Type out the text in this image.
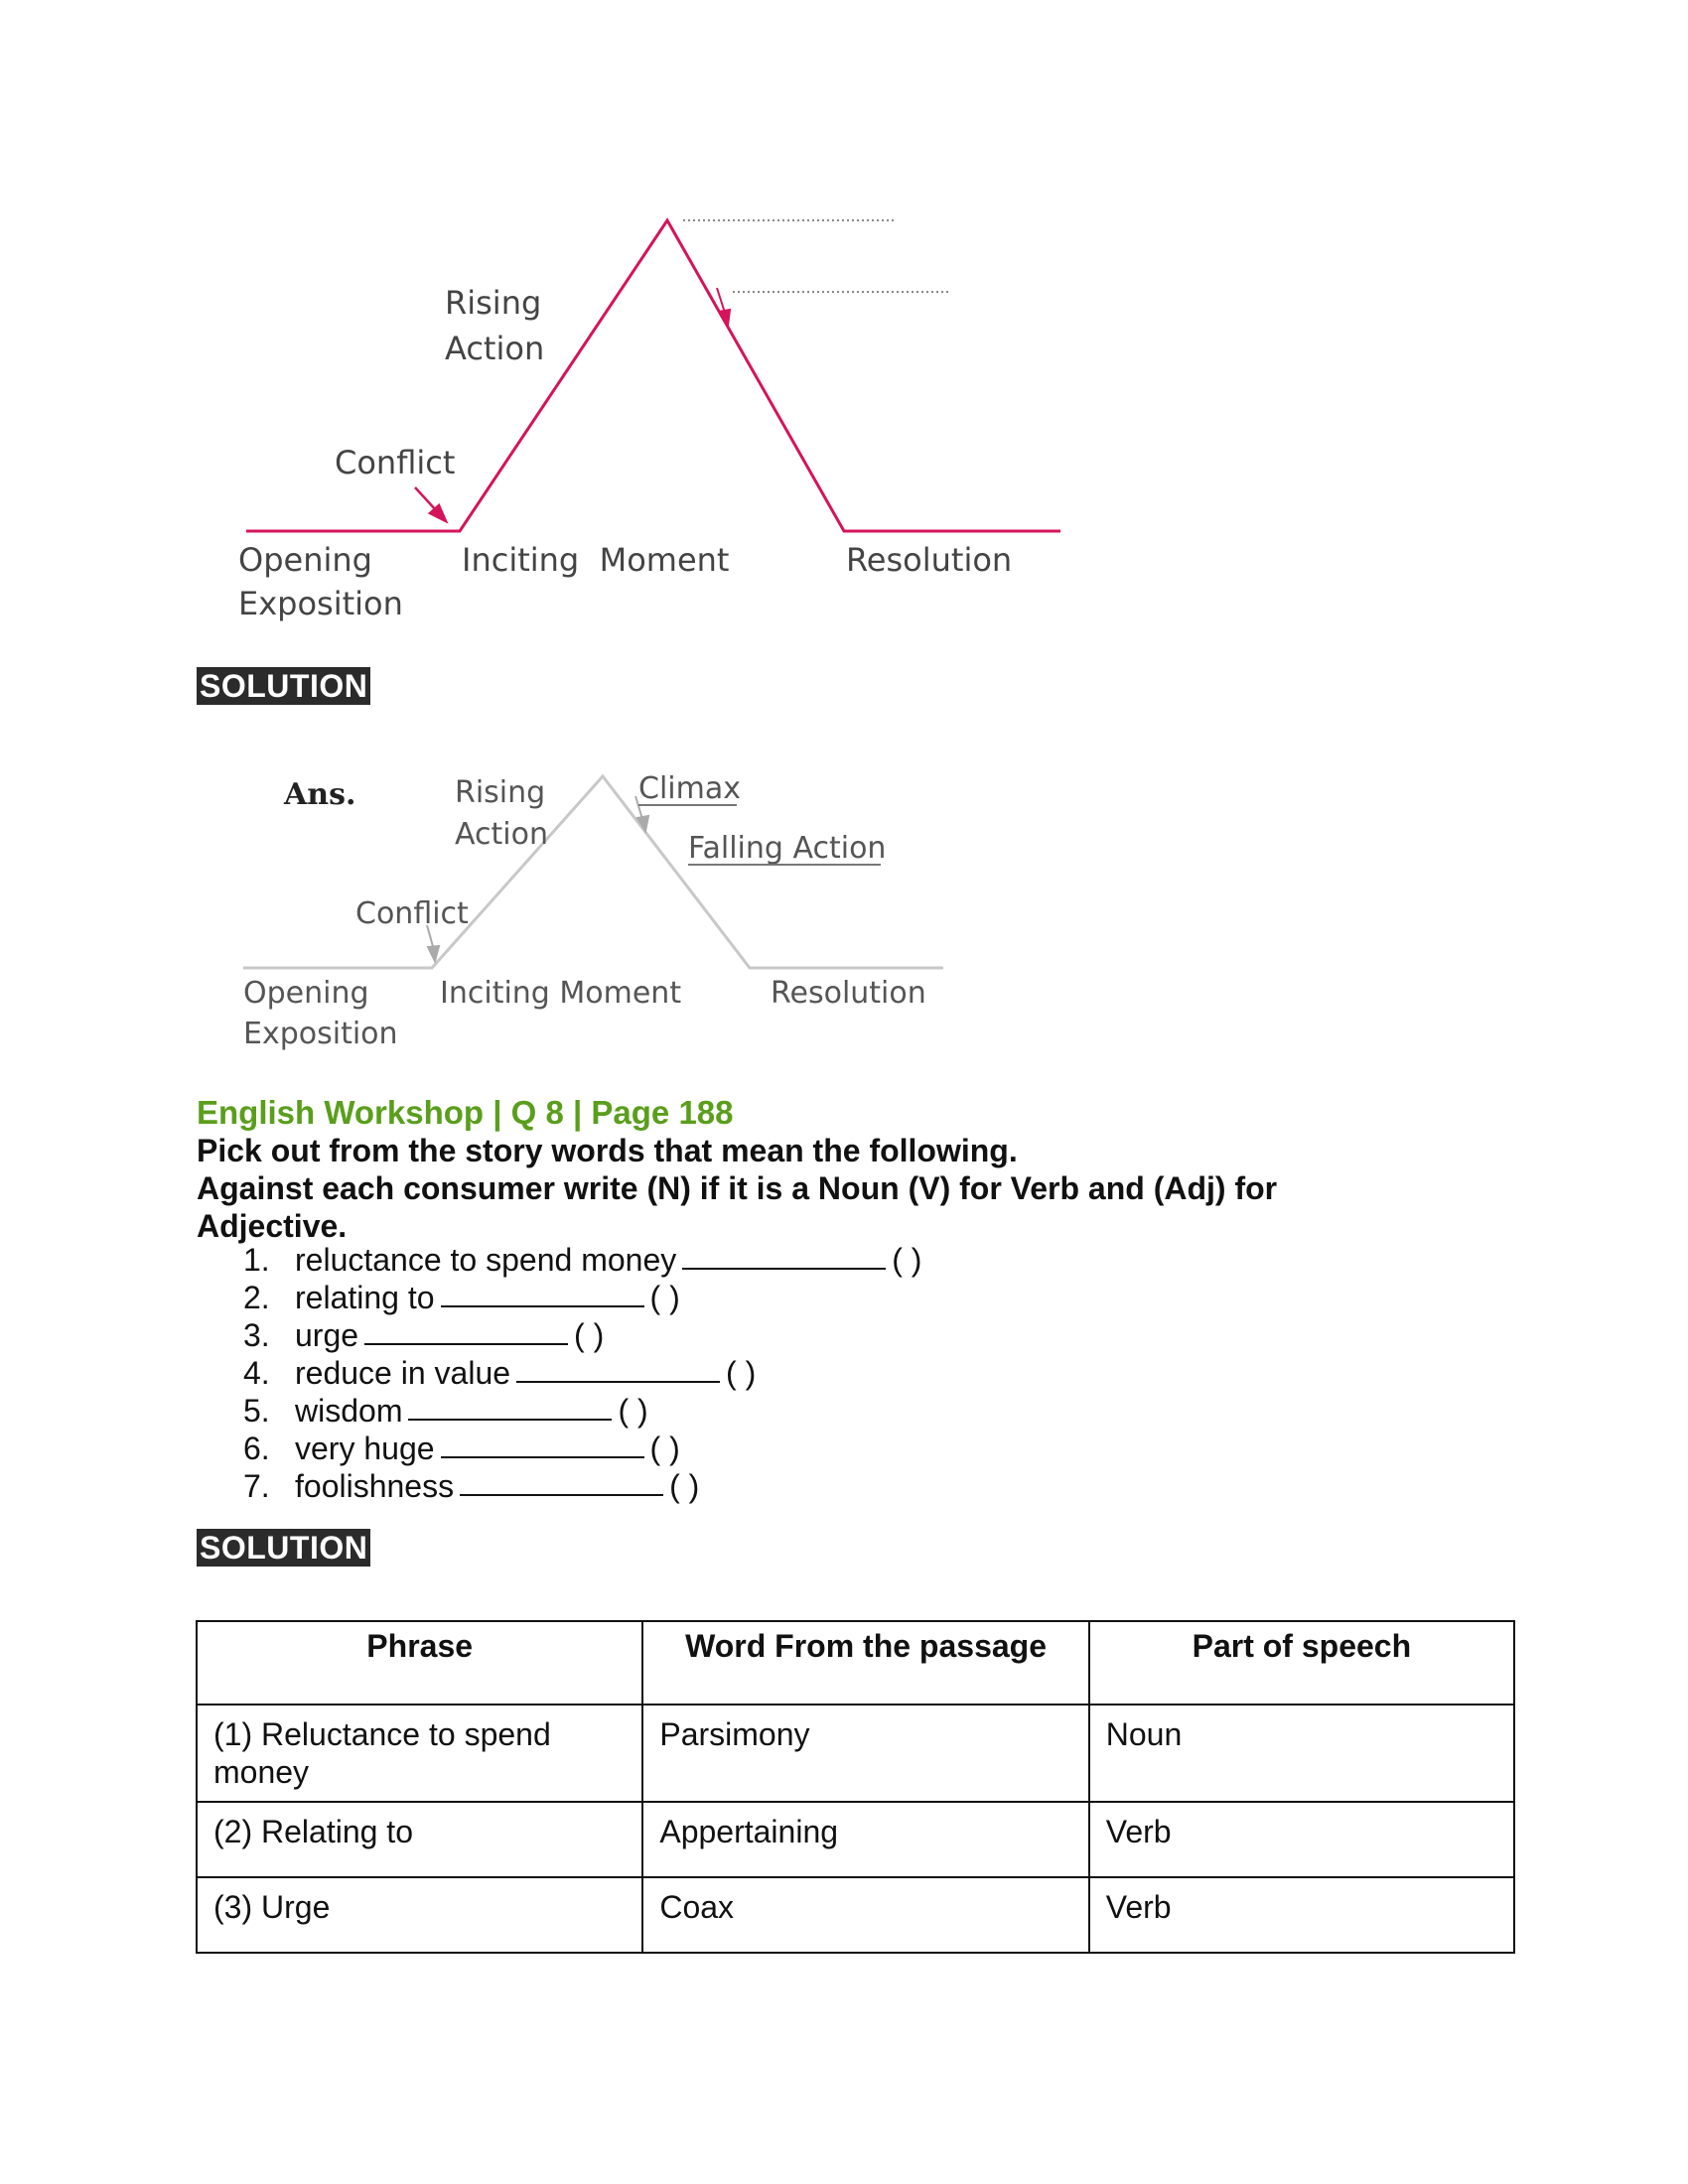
Rising
Action
Conflict
Opening
Exposition
Inciting  Moment	Resolution
SOLUTION
Ans.	Rising
Action
Climax
Falling Action
Conflict
Opening
Exposition
Inciting Moment	Resolution
English Workshop | Q 8 | Page 188
Pick out from the story words that mean the following.
Against each consumer write (N) if it is a Noun (V) for Verb and (Adj) for Adjective.
1. reluctance to spend money	( )
2. relating to	( )
3. urge	( )
4. reduce in value	( )
5. wisdom	( )
6. very huge	( )
7. foolishness	( )
SOLUTION
Phrase	Word From the passage	Part of speech
(1) Reluctance to spend money	Parsimony	Noun
(2) Relating to	Appertaining	Verb
(3) Urge	Coax	Verb
